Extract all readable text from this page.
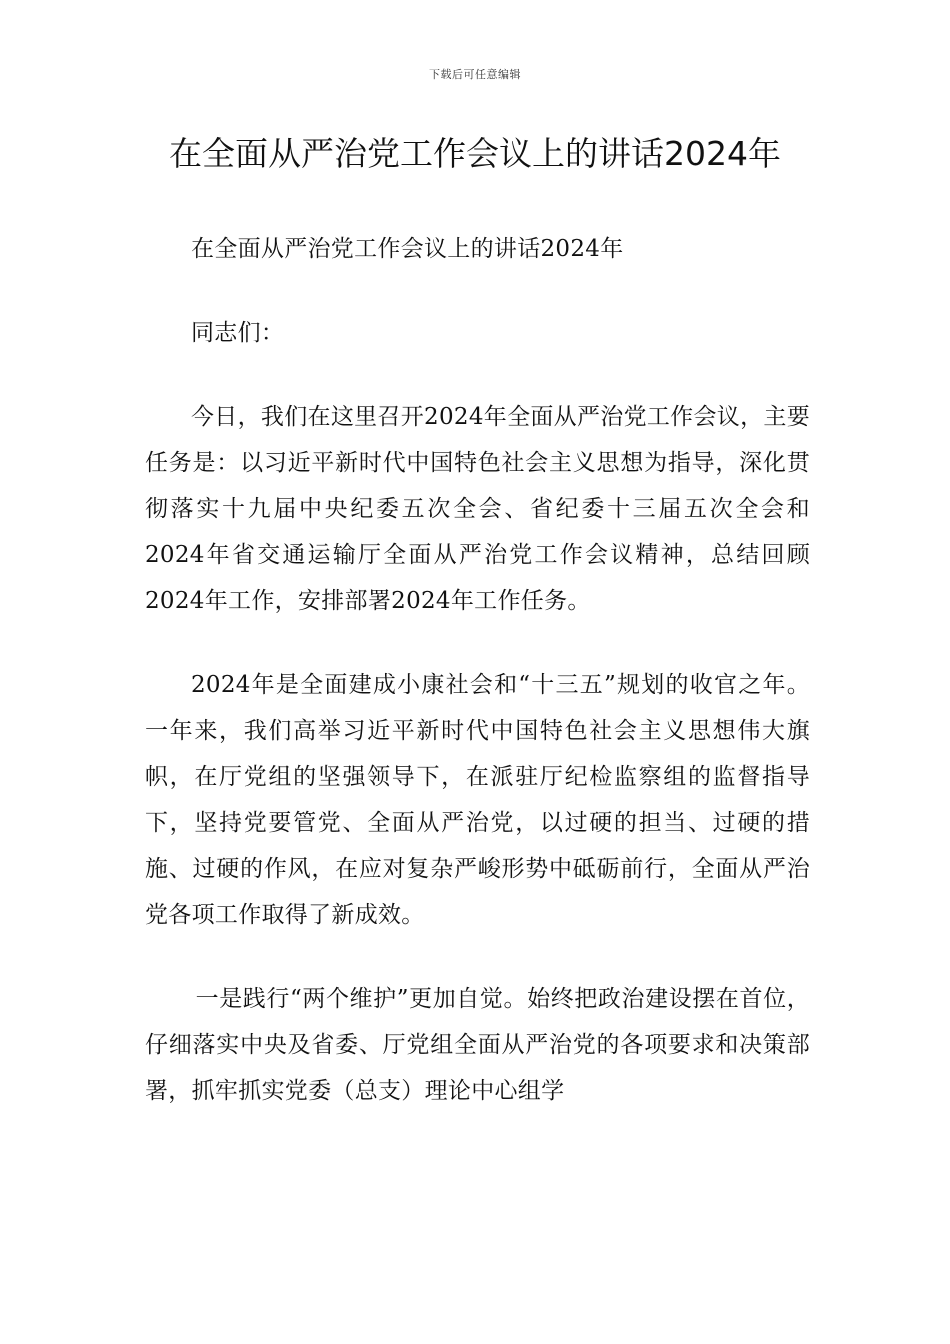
下载后可任意编辑
在全面从严治党工作会议上的讲话2024年

在全面从严治党工作会议上的讲话2024年

同志们：

今日，我们在这里召开2024年全面从严治党工作会议，主要任务是：以习近平新时代中国特色社会主义思想为指导，深化贯彻落实十九届中央纪委五次全会、省纪委十三届五次全会和2024年省交通运输厅全面从严治党工作会议精神，总结回顾2024年工作，安排部署2024年工作任务。

2024年是全面建成小康社会和“十三五”规划的收官之年。一年来，我们高举习近平新时代中国特色社会主义思想伟大旗帜，在厅党组的坚强领导下，在派驻厅纪检监察组的监督指导下，坚持党要管党、全面从严治党，以过硬的担当、过硬的措施、过硬的作风，在应对复杂严峻形势中砥砺前行，全面从严治党各项工作取得了新成效。

一是践行“两个维护”更加自觉。始终把政治建设摆在首位，仔细落实中央及省委、厅党组全面从严治党的各项要求和决策部署，抓牢抓实党委（总支）理论中心组学
